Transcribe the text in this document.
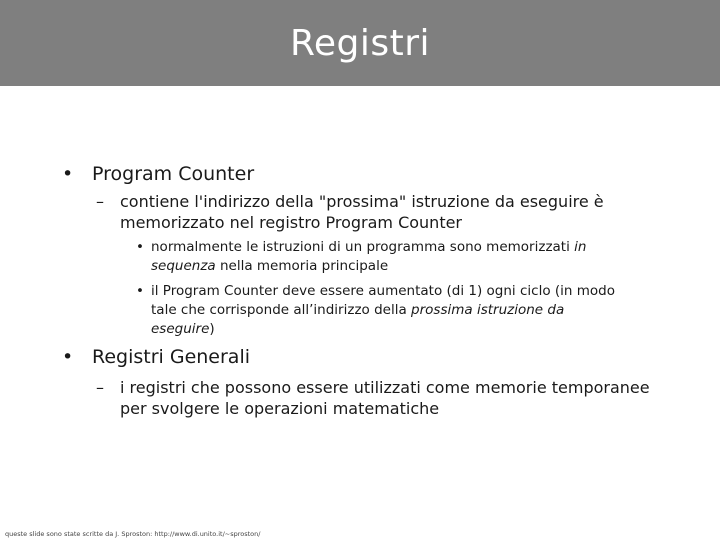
Registri
• Program Counter
–	contiene l'indirizzo della "prossima" istruzione da eseguire è
memorizzato nel registro Program Counter
• normalmente le istruzioni di un programma sono memorizzati in
sequenza nella memoria principale
• il Program Counter deve essere aumentato (di 1) ogni ciclo (in modo
tale che corrisponde all’indirizzo della prossima istruzione da
eseguire)
• Registri Generali
–	i registri che possono essere utilizzati come memorie temporanee
per svolgere le operazioni matematiche
queste slide sono state scritte da J. Sproston: http://www.di.unito.it/~sproston/
